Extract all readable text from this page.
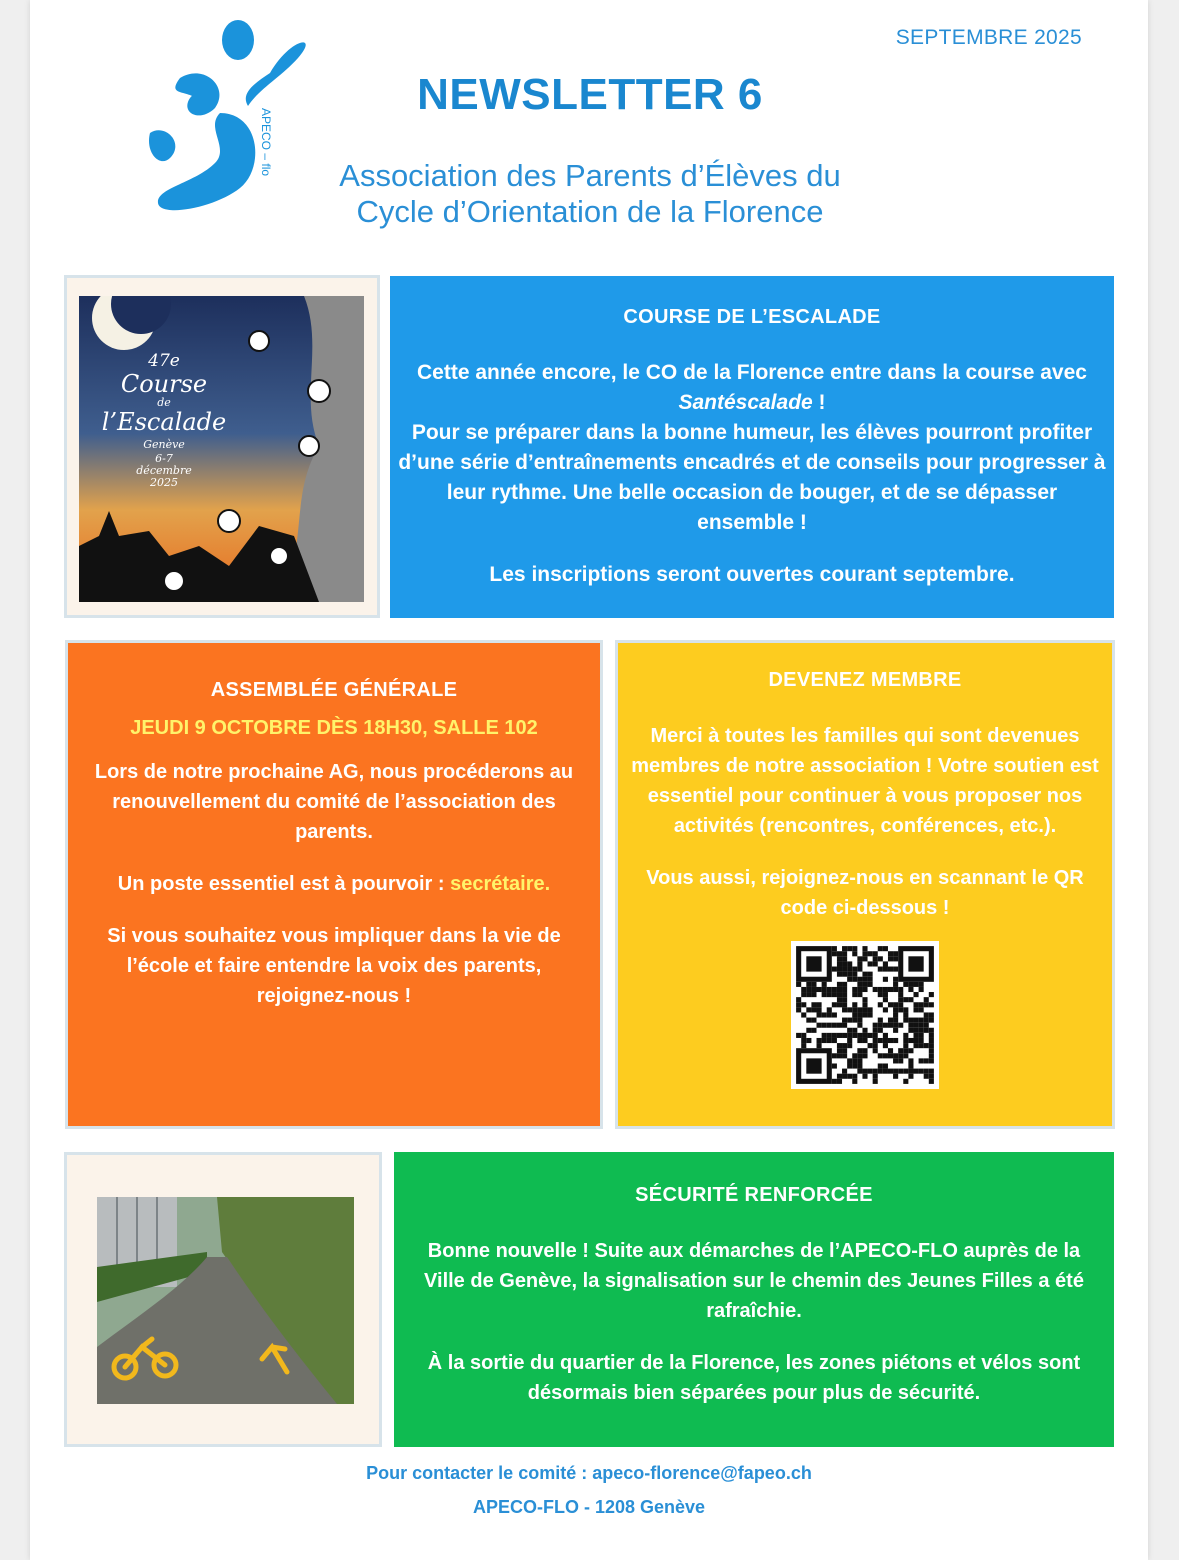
APECO – flo
SEPTEMBRE 2025
NEWSLETTER 6
Association des Parents d’Élèves du
Cycle d’Orientation de la Florence
47e
Course
de
l’Escalade
Genève
6-7
décembre
2025
COURSE DE L’ESCALADE

Cette année encore, le CO de la Florence entre dans la course avec Santéscalade !

Pour se préparer dans la bonne humeur, les élèves pourront profiter d’une série d’entraînements encadrés et de conseils pour progresser à leur rythme. Une belle occasion de bouger, et de se dépasser ensemble !

Les inscriptions seront ouvertes courant septembre.

ASSEMBLÉE GÉNÉRALE

JEUDI 9 OCTOBRE DÈS 18H30, SALLE 102

Lors de notre prochaine AG, nous procéderons au renouvellement du comité de l’association des parents.

Un poste essentiel est à pourvoir : secrétaire.

Si vous souhaitez vous impliquer dans la vie de l’école et faire entendre la voix des parents, rejoignez-nous !

DEVENEZ MEMBRE

Merci à toutes les familles qui sont devenues membres de notre association ! Votre soutien est essentiel pour continuer à vous proposer nos activités (rencontres, conférences, etc.).

Vous aussi, rejoignez-nous en scannant le QR code ci-dessous !

SÉCURITÉ RENFORCÉE

Bonne nouvelle ! Suite aux démarches de l’APECO-FLO auprès de la Ville de Genève, la signalisation sur le chemin des Jeunes Filles a été rafraîchie.

À la sortie du quartier de la Florence, les zones piétons et vélos sont désormais bien séparées pour plus de sécurité.

Pour contacter le comité : apeco-florence@fapeo.ch
APECO-FLO - 1208 Genève
